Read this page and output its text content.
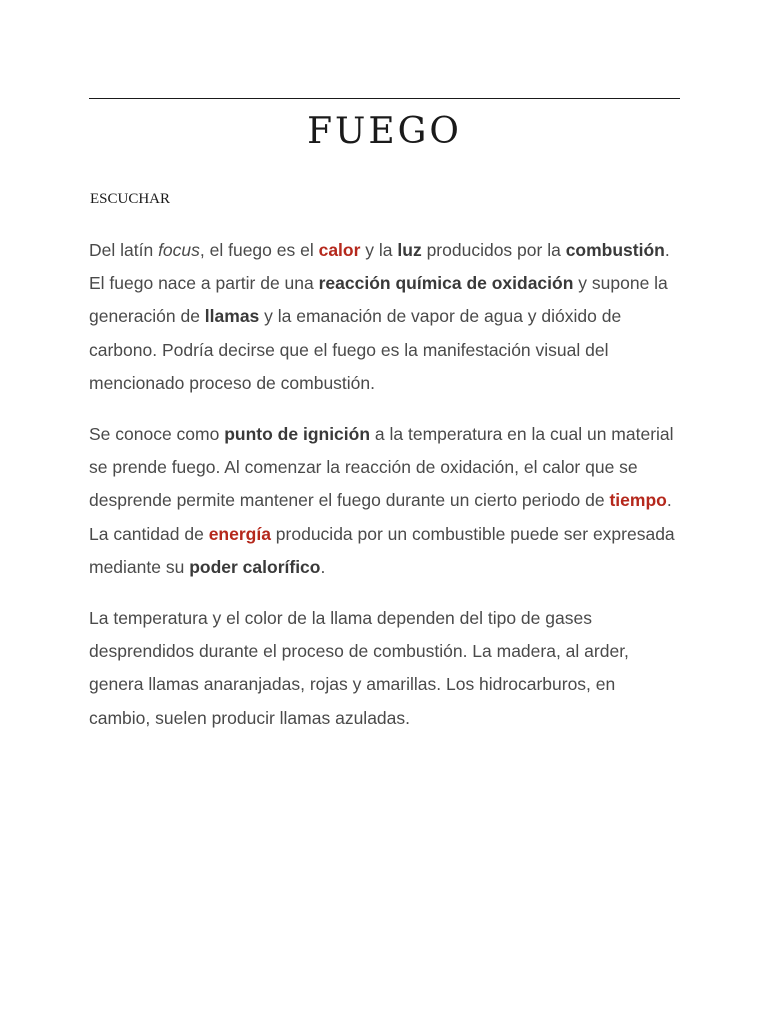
FUEGO
ESCUCHAR

Del latín focus, el fuego es el calor y la luz producidos por la combustión. El fuego nace a partir de una reacción química de oxidación y supone la generación de llamas y la emanación de vapor de agua y dióxido de carbono. Podría decirse que el fuego es la manifestación visual del mencionado proceso de combustión.

Se conoce como punto de ignición a la temperatura en la cual un material se prende fuego. Al comenzar la reacción de oxidación, el calor que se desprende permite mantener el fuego durante un cierto periodo de tiempo. La cantidad de energía producida por un combustible puede ser expresada mediante su poder calorífico.

La temperatura y el color de la llama dependen del tipo de gases desprendidos durante el proceso de combustión. La madera, al arder, genera llamas anaranjadas, rojas y amarillas. Los hidrocarburos, en cambio, suelen producir llamas azuladas.
